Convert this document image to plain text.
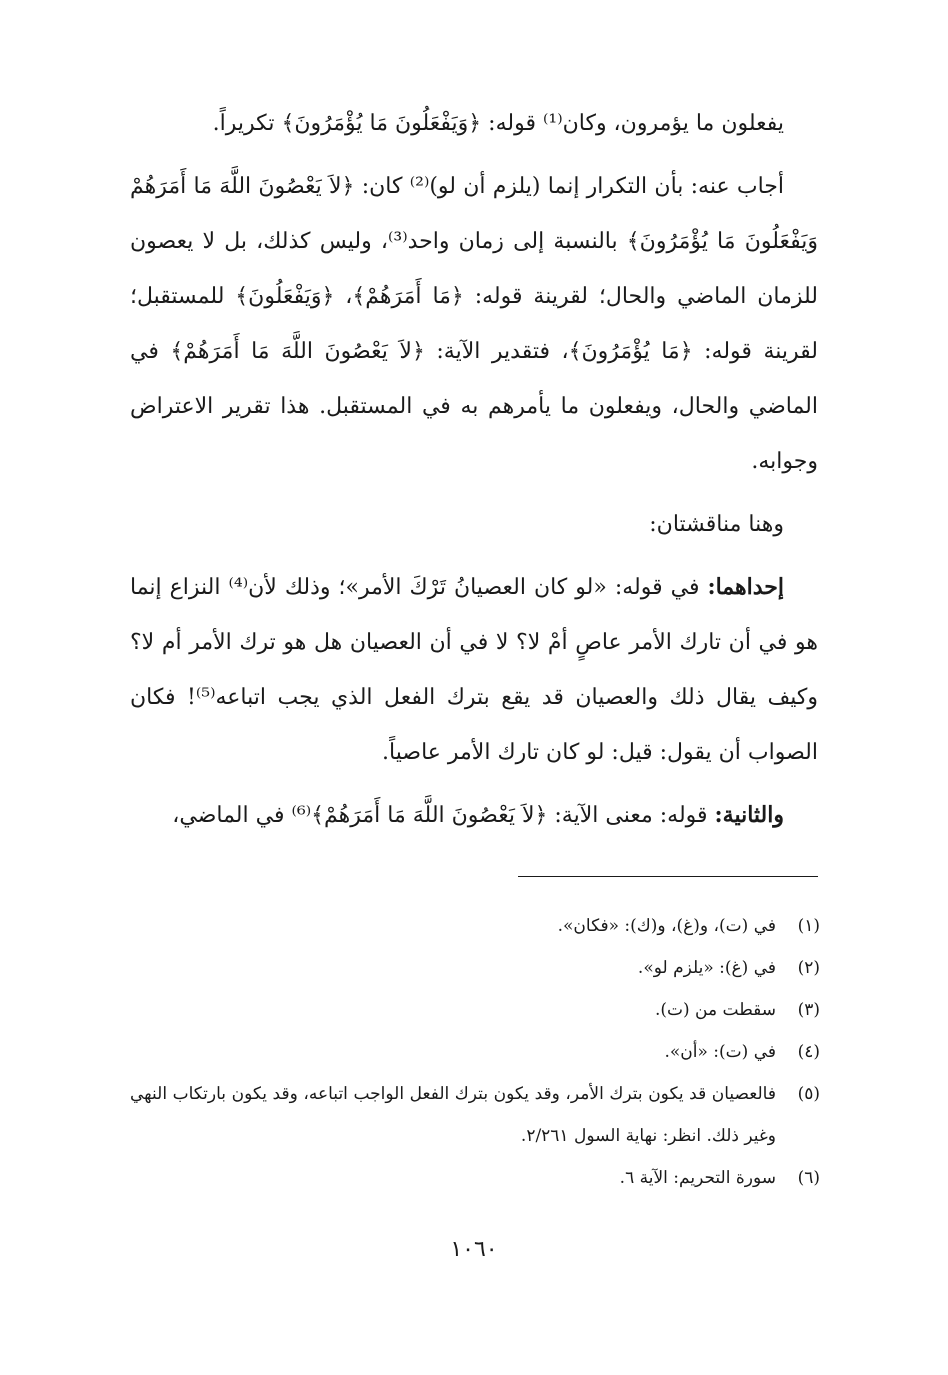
يفعلون ما يؤمرون، وكان⁽¹⁾ قوله: ﴿وَيَفْعَلُونَ مَا يُؤْمَرُونَ﴾ تكريراً.

أجاب عنه: بأن التكرار إنما (يلزم أن لو)⁽²⁾ كان: ﴿لاَ يَعْصُونَ اللَّهَ مَا أَمَرَهُمْ وَيَفْعَلُونَ مَا يُؤْمَرُونَ﴾ بالنسبة إلى زمان واحد⁽³⁾، وليس كذلك، بل لا يعصون للزمان الماضي والحال؛ لقرينة قوله: ﴿مَا أَمَرَهُمْ﴾، ﴿وَيَفْعَلُونَ﴾ للمستقبل؛ لقرينة قوله: ﴿مَا يُؤْمَرُونَ﴾، فتقدير الآية: ﴿لاَ يَعْصُونَ اللَّهَ مَا أَمَرَهُمْ﴾ في الماضي والحال، ويفعلون ما يأمرهم به في المستقبل. هذا تقرير الاعتراض وجوابه.

وهنا مناقشتان:

إحداهما: في قوله: «لو كان العصيانُ تَرْكَ الأمر»؛ وذلك لأن⁽⁴⁾ النزاع إنما هو في أن تارك الأمر عاصٍ أمْ لا؟ لا في أن العصيان هل هو ترك الأمر أم لا؟ وكيف يقال ذلك والعصيان قد يقع بترك الفعل الذي يجب اتباعه⁽⁵⁾! فكان الصواب أن يقول: قيل: لو كان تارك الأمر عاصياً.

والثانية: قوله: معنى الآية: ﴿لاَ يَعْصُونَ اللَّهَ مَا أَمَرَهُمْ﴾⁽⁶⁾ في الماضي،

(١)
في (ت)، و(غ)، و(ك): «فكان».
(٢)
في (غ): «يلزم لو».
(٣)
سقطت من (ت).
(٤)
في (ت): «أن».
(٥)
فالعصيان قد يكون بترك الأمر، وقد يكون بترك الفعل الواجب اتباعه، وقد يكون بارتكاب النهي وغير ذلك. انظر: نهاية السول ٢/٢٦١.
(٦)
سورة التحريم: الآية ٦.
١٠٦٠
